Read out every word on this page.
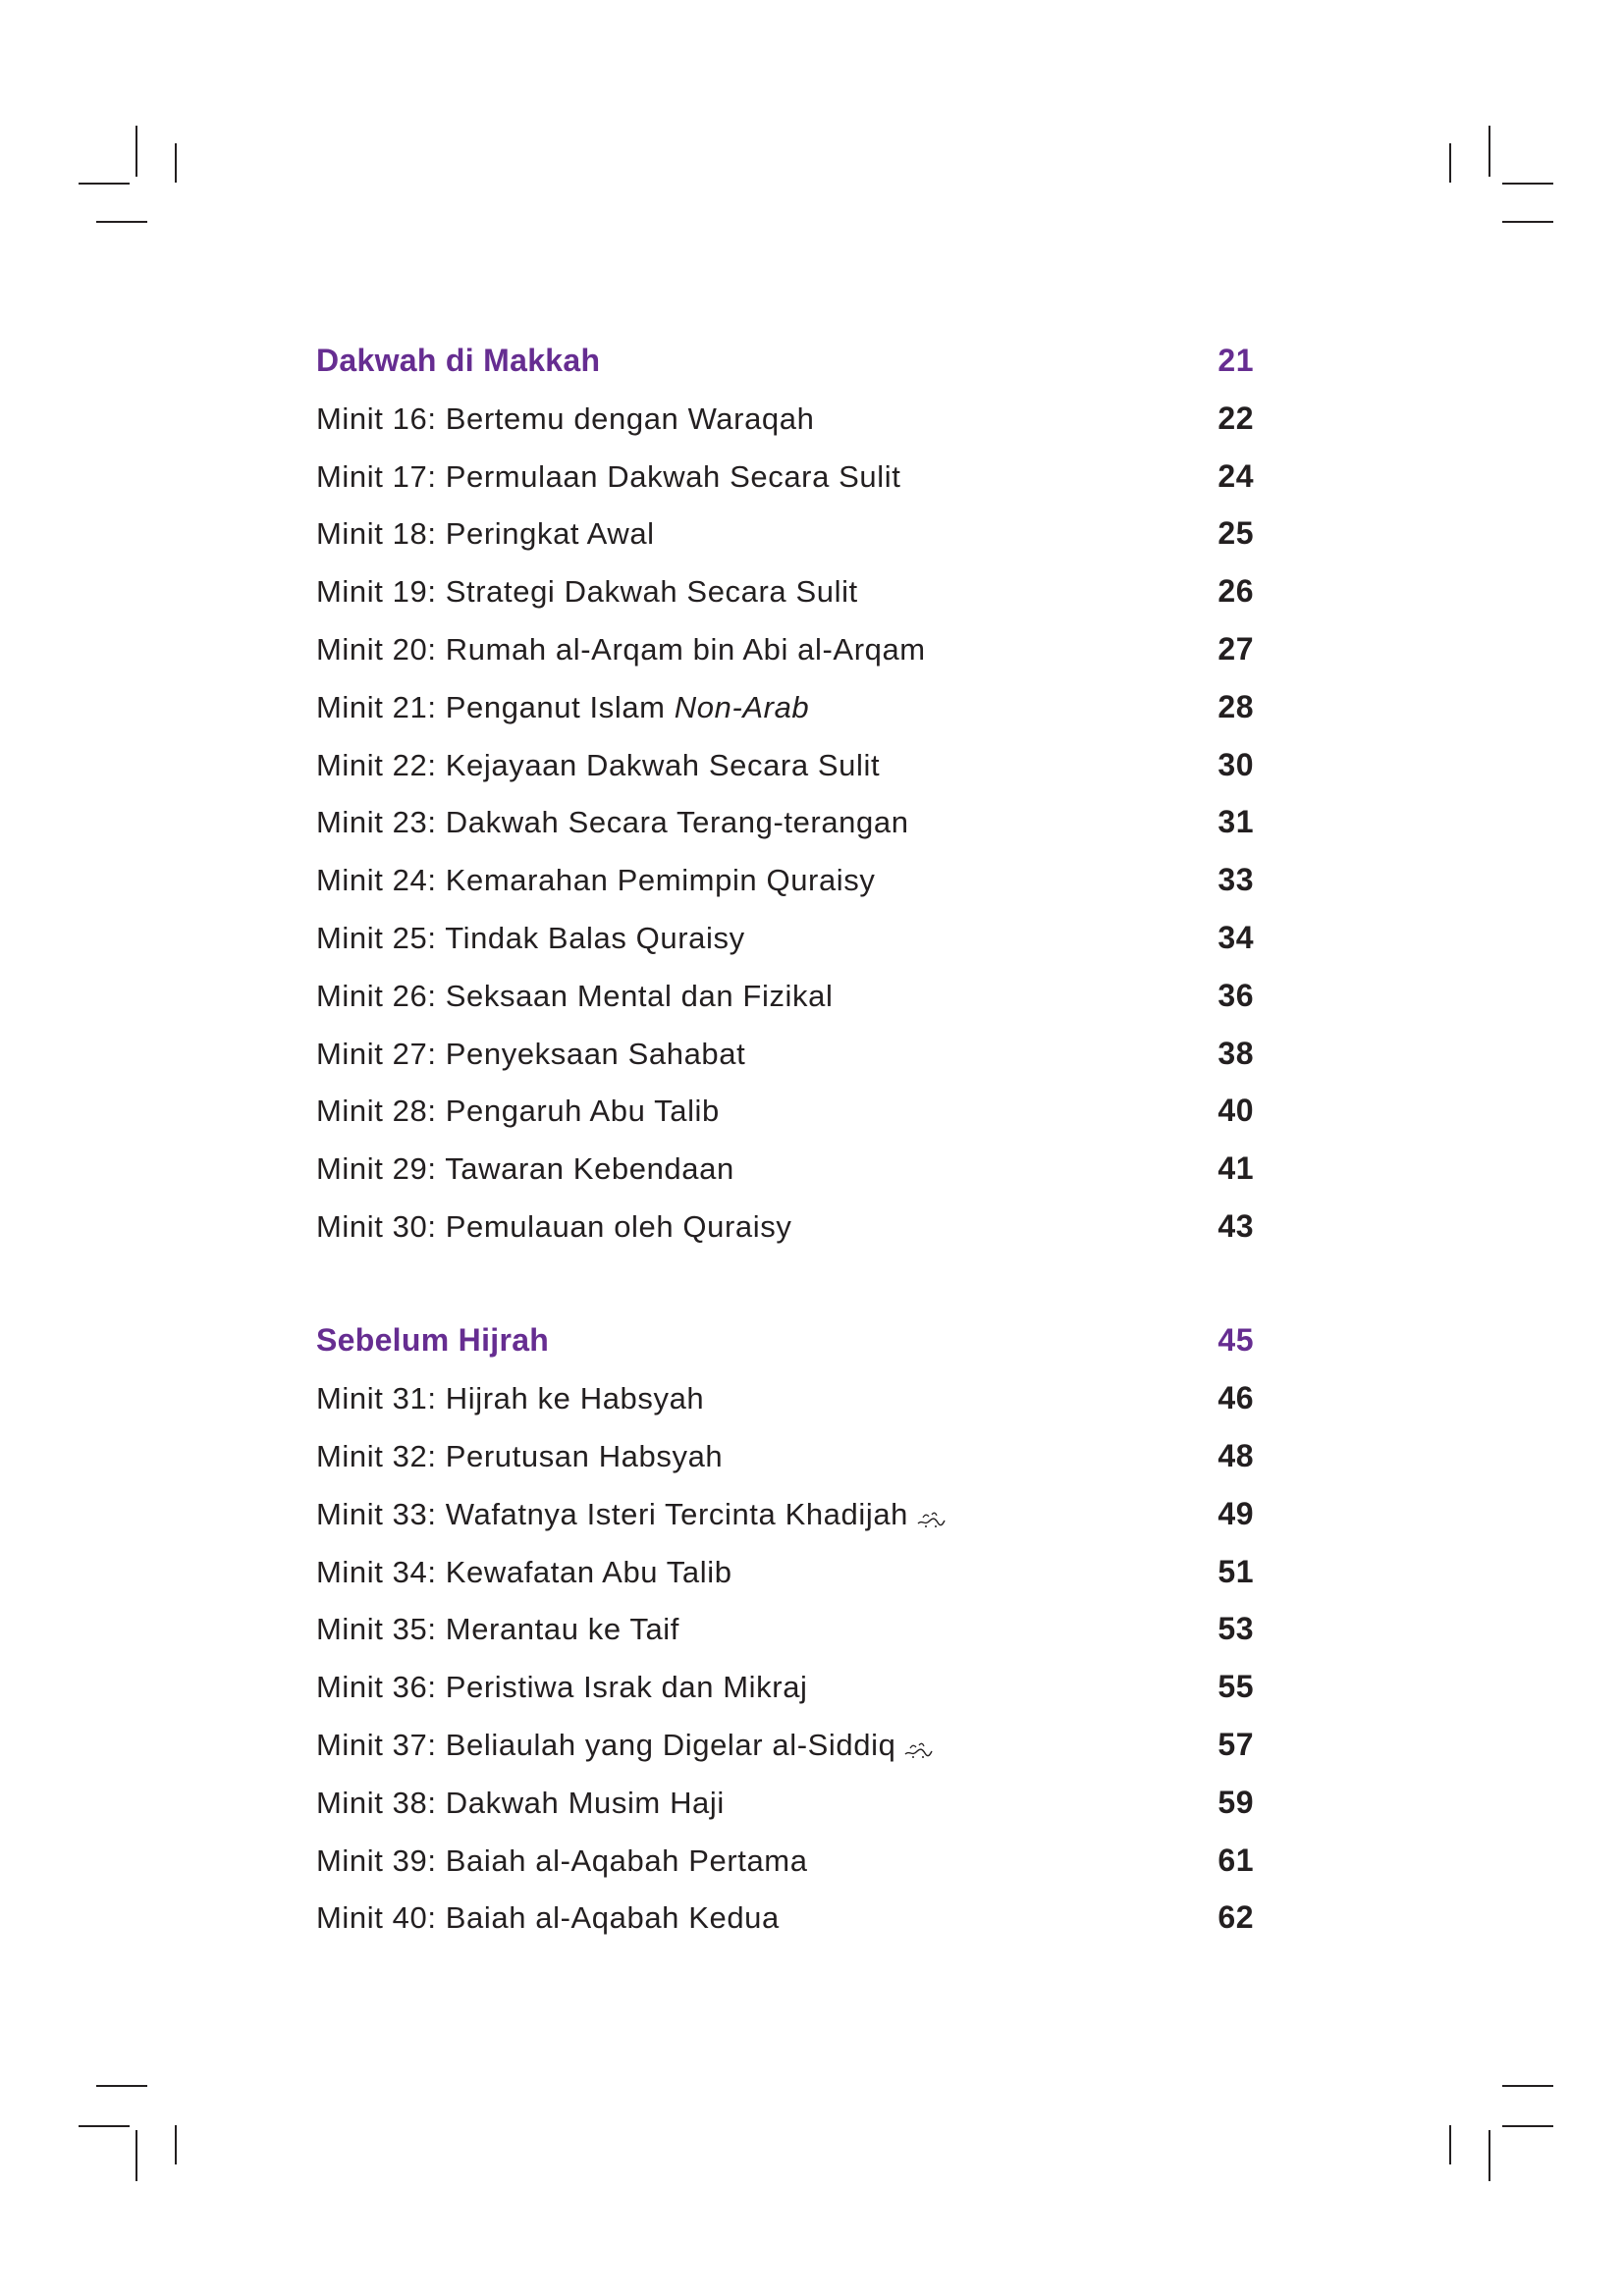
Dakwah di Makkah	21
Minit 16: Bertemu dengan Waraqah	22
Minit 17: Permulaan Dakwah Secara Sulit	24
Minit 18: Peringkat Awal	25
Minit 19: Strategi Dakwah Secara Sulit	26
Minit 20: Rumah al-Arqam bin Abi al-Arqam	27
Minit 21: Penganut Islam Non-Arab	28
Minit 22: Kejayaan Dakwah Secara Sulit	30
Minit 23: Dakwah Secara Terang-terangan	31
Minit 24: Kemarahan Pemimpin Quraisy	33
Minit 25: Tindak Balas Quraisy	34
Minit 26: Seksaan Mental dan Fizikal	36
Minit 27: Penyeksaan Sahabat	38
Minit 28: Pengaruh Abu Talib	40
Minit 29: Tawaran Kebendaan	41
Minit 30: Pemulauan oleh Quraisy	43
Sebelum Hijrah	45
Minit 31: Hijrah ke Habsyah	46
Minit 32: Perutusan Habsyah	48
Minit 33: Wafatnya Isteri Tercinta Khadijah	49
Minit 34: Kewafatan Abu Talib	51
Minit 35: Merantau ke Taif	53
Minit 36: Peristiwa Israk dan Mikraj	55
Minit 37: Beliaulah yang Digelar al-Siddiq	57
Minit 38: Dakwah Musim Haji	59
Minit 39: Baiah al-Aqabah Pertama	61
Minit 40: Baiah al-Aqabah Kedua	62
